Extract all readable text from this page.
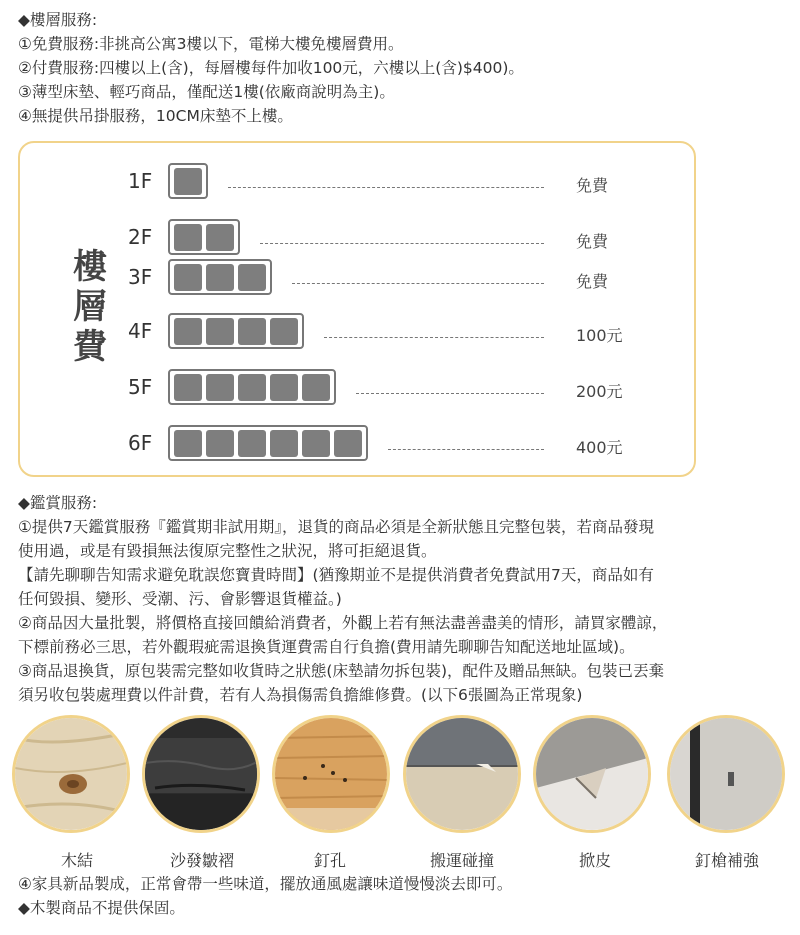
◆樓層服務:
①免費服務:非挑高公寓3樓以下，電梯大樓免樓層費用。
②付費服務:四樓以上(含)，每層樓每件加收100元，六樓以上(含)$400)。
③薄型床墊、輕巧商品，僅配送1樓(依廠商說明為主)。
④無提供吊掛服務，10CM床墊不上樓。
樓
層
費
1F	免費
2F	免費
3F	免費
4F	100元
5F	200元
6F	400元
◆鑑賞服務:
①提供7天鑑賞服務『鑑賞期非試用期』，退貨的商品必須是全新狀態且完整包裝，若商品發現
使用過，或是有毀損無法復原完整性之狀況，將可拒絕退貨。
【請先聊聊告知需求避免耽誤您寶貴時間】(猶豫期並不是提供消費者免費試用7天，商品如有
任何毀損、變形、受潮、污、會影響退貨權益。)
②商品因大量批製，將價格直接回饋給消費者，外觀上若有無法盡善盡美的情形，請買家體諒，
下標前務必三思，若外觀瑕疵需退換貨運費需自行負擔(費用請先聊聊告知配送地址區域)。
③商品退換貨，原包裝需完整如收貨時之狀態(床墊請勿拆包裝)，配件及贈品無缺。包裝已丟棄
須另收包裝處理費以件計費，若有人為損傷需負擔維修費。(以下6張圖為正常現象)
木結	沙發皺褶	釘孔	搬運碰撞	掀皮	釘槍補強
④家具新品製成，正常會帶一些味道，擺放通風處讓味道慢慢淡去即可。
◆木製商品不提供保固。
